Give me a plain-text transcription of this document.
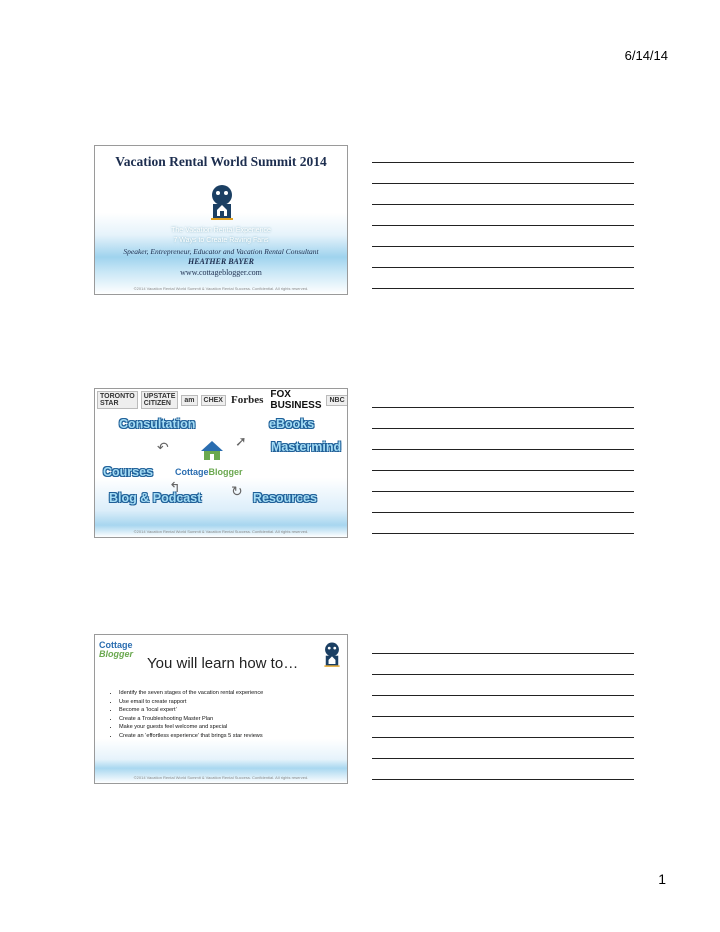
6/14/14
Vacation Rental World Summit 2014
The Vacation Rental Experience
7 Ways to Create Raving Fans
Speaker, Entrepreneur, Educator and Vacation Rental Consultant
HEATHER BAYER
www.cottageblogger.com
©2014 Vacation Rental World Summit & Vacation Rental Success. Confidential. All rights reserved.
TORONTO STAR
UPSTATE CITIZEN	am	CHEX Forbes FOX BUSINESS	NBC
Consultation	eBooks
Mastermind
Courses
Blog & Podcast	Resources
CottageBlogger
↶	➚
↰	↻
©2014 Vacation Rental World Summit & Vacation Rental Success. Confidential. All rights reserved.
Cottage
Blogger
You will learn how to…
• Identify the seven stages of the vacation rental experience
• Use email to create rapport
• Become a ‘local expert’
• Create a Troubleshooting Master Plan
• Make your guests feel welcome and special
• Create an ‘effortless experience’ that brings 5 star reviews
©2014 Vacation Rental World Summit & Vacation Rental Success. Confidential. All rights reserved.
1
